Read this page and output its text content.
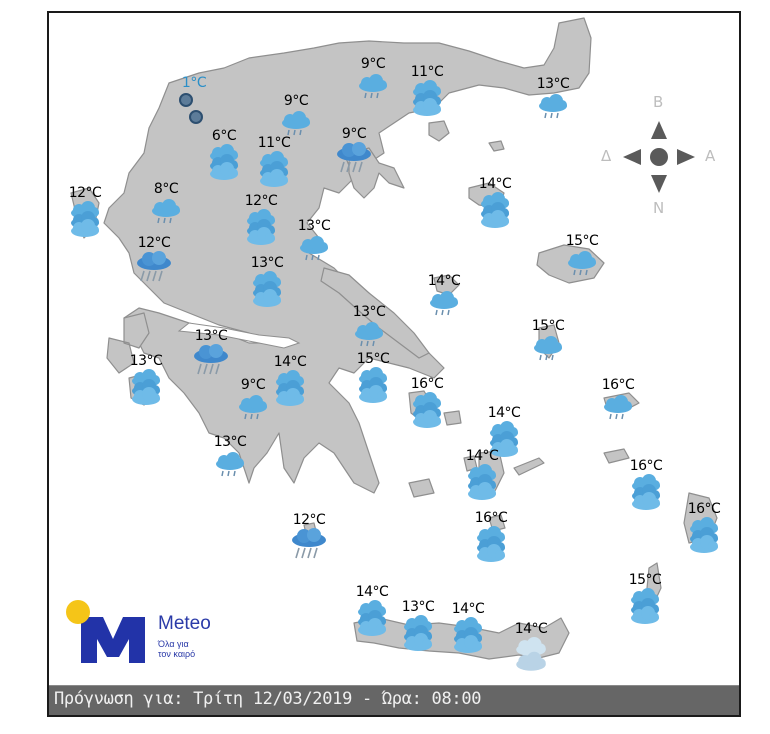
B
Δ	A
N
1°C
6°C	11°C
9°C
9°C	11°C
13°C
9°C
12°C	8°C
12°C
13°C
12°C
13°C
14°C
15°C
14°C
13°C
15°C
13°C
13°C	14°C	15°C
9°C	16°C	16°C
14°C
13°C
14°C
16°C
16°C
16°C
12°C
15°C
14°C
13°C	14°C
14°C
Meteo
Όλα για
τον καιρό
Πρόγνωση για: Τρίτη 12/03/2019 - Ώρα: 08:00
